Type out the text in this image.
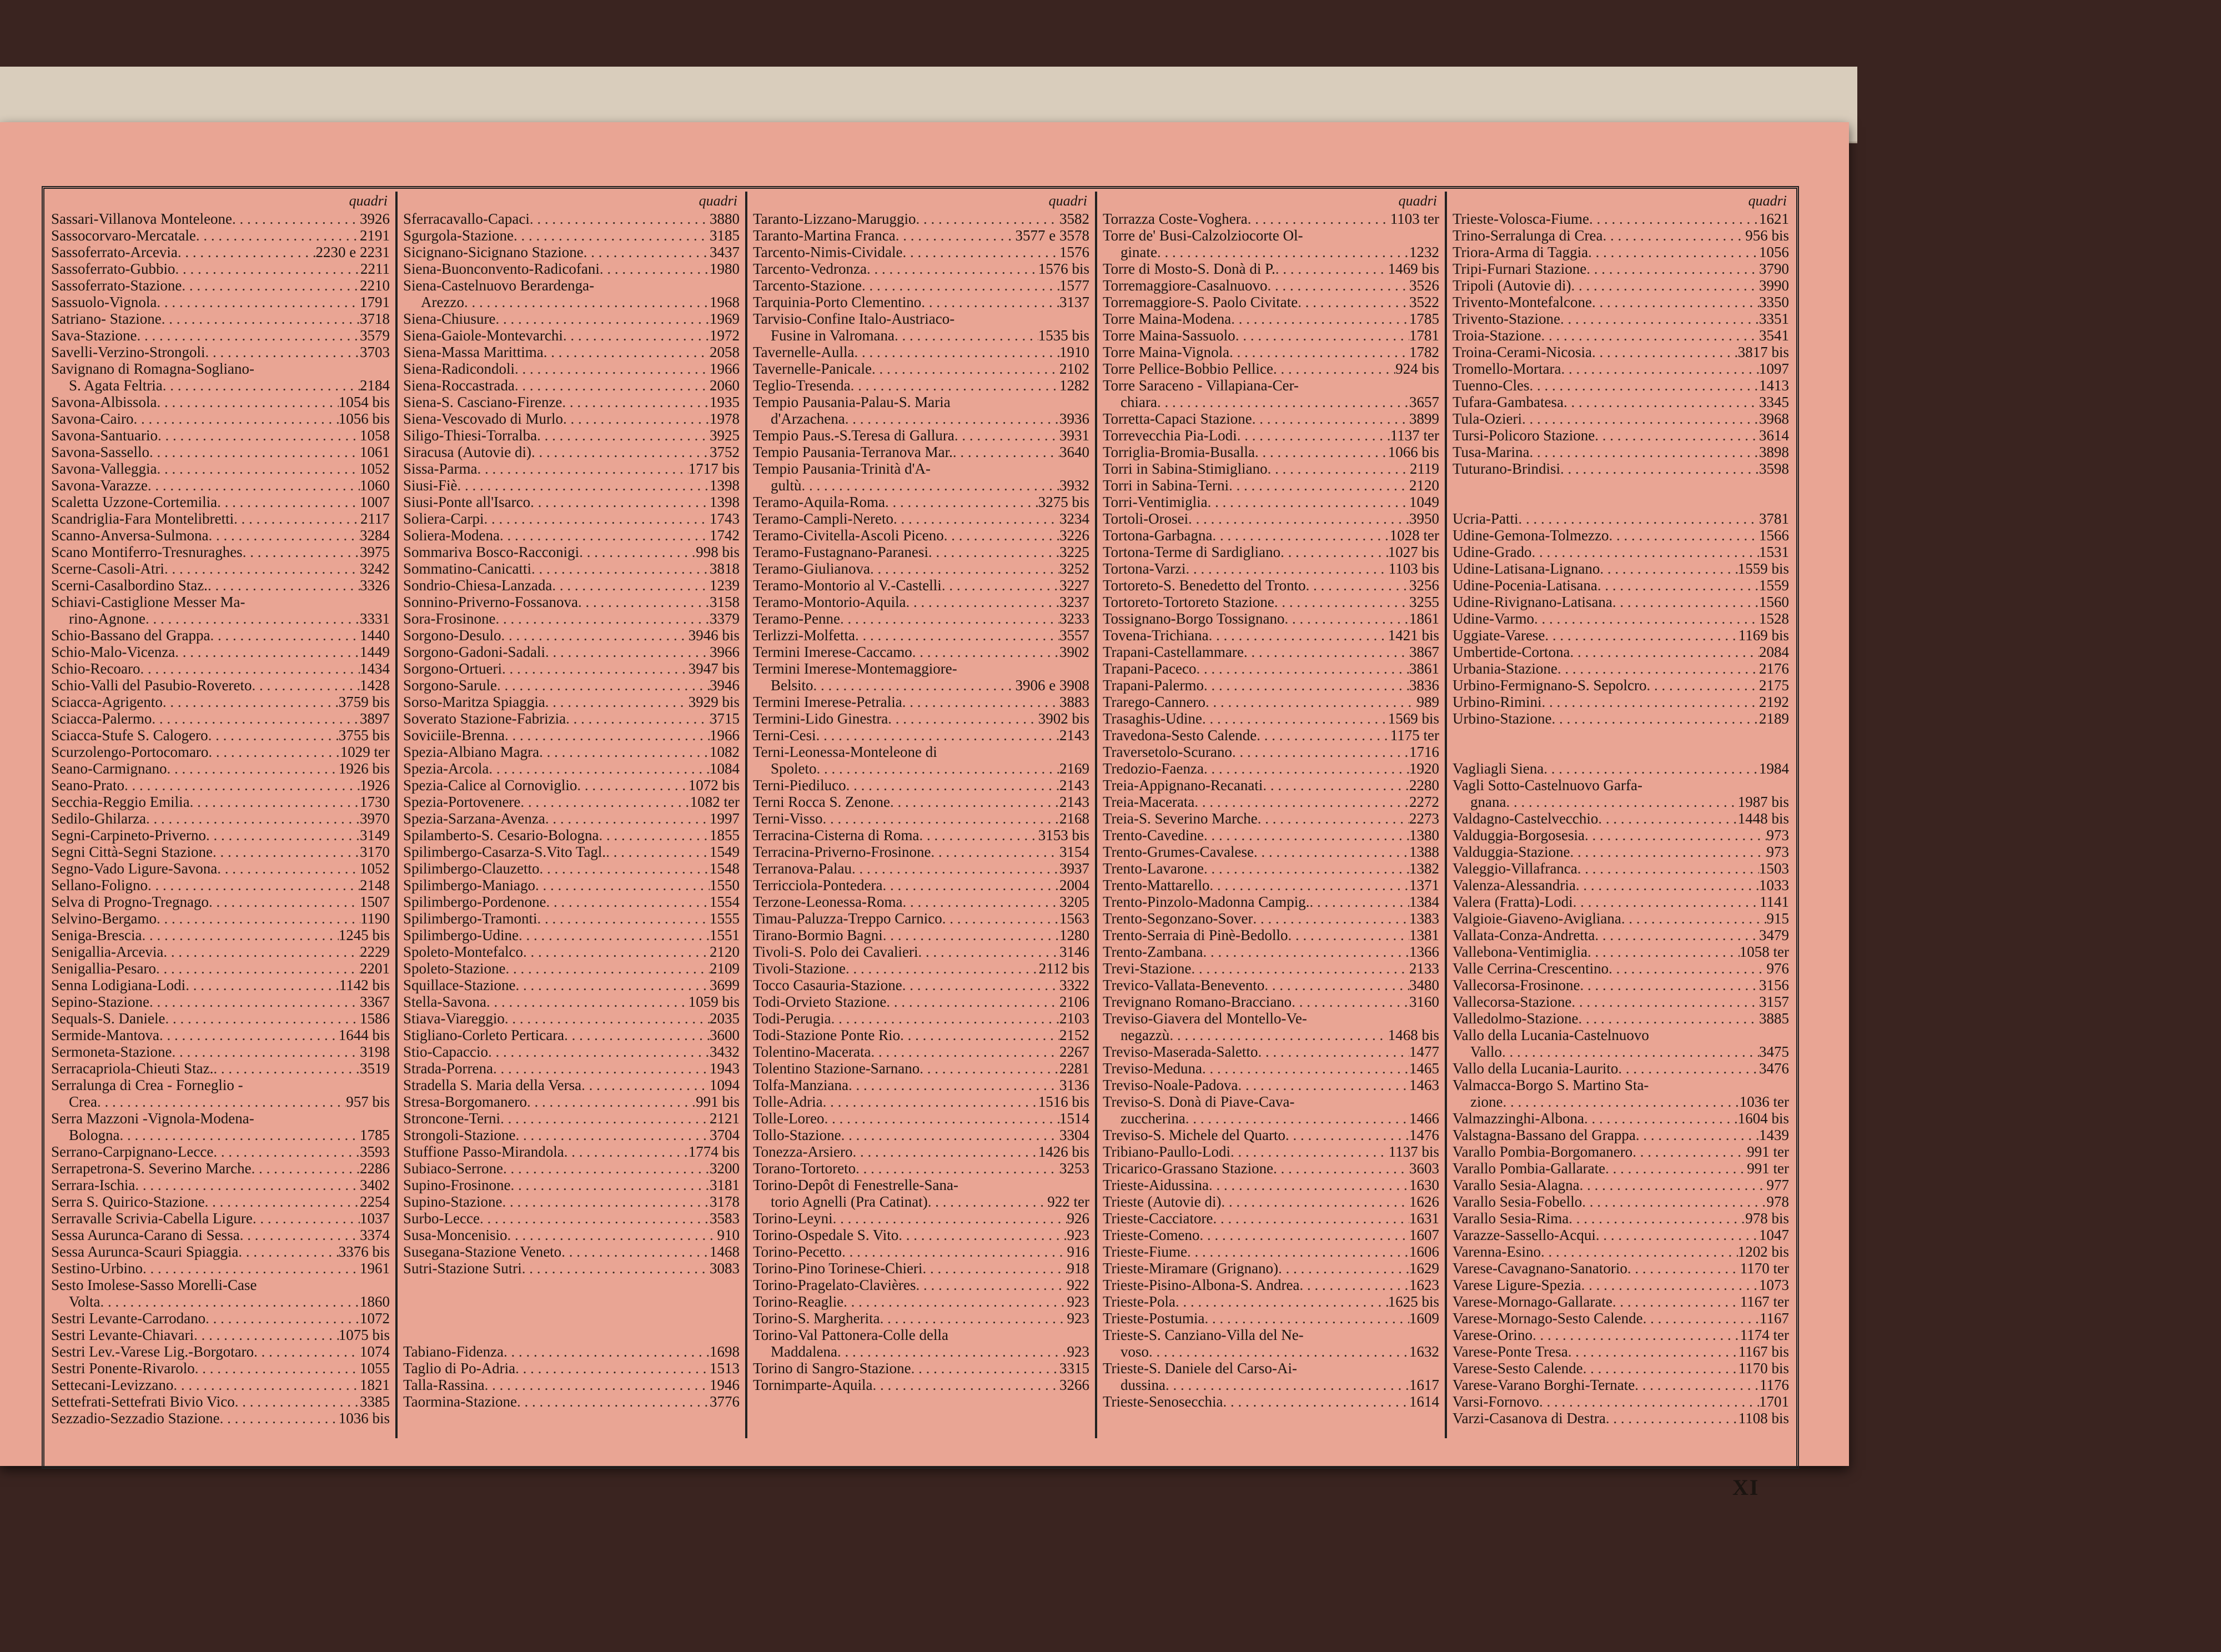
quadri
Sassari-Villanova Monteleone . . .	3926
Sassocorvaro-Mercatale . . .	2191
Sassoferrato-Arcevia . . .	2230 e 2231
Sassoferrato-Gubbio . . .	2211
Sassoferrato-Stazione . . .	2210
Sassuolo-Vignola . . .	1791
Satriano- Stazione . . .	3718
Sava-Stazione . . .	3579
Savelli-Verzino-Strongoli . . .	3703
Savignano di Romagna-Sogliano-
S. Agata Feltria . . .	2184
Savona-Albissola . . .	1054 bis
Savona-Cairo . . .	1056 bis
Savona-Santuario . . .	1058
Savona-Sassello . . .	1061
Savona-Valleggia . . .	1052
Savona-Varazze . . .	1060
Scaletta Uzzone-Cortemilia . . .	1007
Scandriglia-Fara Montelibretti . . .	2117
Scanno-Anversa-Sulmona . . .	3284
Scano Montiferro-Tresnuraghes . . .	3975
Scerne-Casoli-Atri . . .	3242
Scerni-Casalbordino Staz. . . .	3326
Schiavi-Castiglione Messer Ma-
rino-Agnone . . .	3331
Schio-Bassano del Grappa . . .	1440
Schio-Malo-Vicenza . . .	1449
Schio-Recoaro . . .	1434
Schio-Valli del Pasubio-Rovereto . . .	1428
Sciacca-Agrigento . . .	3759 bis
Sciacca-Palermo . . .	3897
Sciacca-Stufe S. Calogero . . .	3755 bis
Scurzolengo-Portocomaro . . .	1029 ter
Seano-Carmignano . . .	1926 bis
Seano-Prato . . .	1926
Secchia-Reggio Emilia . . .	1730
Sedilo-Ghilarza . . .	3970
Segni-Carpineto-Priverno . . .	3149
Segni Città-Segni Stazione . . .	3170
Segno-Vado Ligure-Savona . . .	1052
Sellano-Foligno . . .	2148
Selva di Progno-Tregnago . . .	1507
Selvino-Bergamo . . .	1190
Seniga-Brescia . . .	1245 bis
Senigallia-Arcevia . . .	2229
Senigallia-Pesaro . . .	2201
Senna Lodigiana-Lodi . . .	1142 bis
Sepino-Stazione . . .	3367
Sequals-S. Daniele . . .	1586
Sermide-Mantova . . .	1644 bis
Sermoneta-Stazione . . .	3198
Serracapriola-Chieuti Staz. . . .	3519
Serralunga di Crea - Forneglio -
Crea . . .	957 bis
Serra Mazzoni -Vignola-Modena-
Bologna . . .	1785
Serrano-Carpignano-Lecce . . .	3593
Serrapetrona-S. Severino Marche . . .	2286
Serrara-Ischia . . .	3402
Serra S. Quirico-Stazione . . .	2254
Serravalle Scrivia-Cabella Ligure . . .	1037
Sessa Aurunca-Carano di Sessa . . .	3374
Sessa Aurunca-Scauri Spiaggia . . .	3376 bis
Sestino-Urbino . . .	1961
Sesto Imolese-Sasso Morelli-Case
Volta . . .	1860
Sestri Levante-Carrodano . . .	1072
Sestri Levante-Chiavari . . .	1075 bis
Sestri Lev.-Varese Lig.-Borgotaro . . .	1074
Sestri Ponente-Rivarolo . . .	1055
Settecani-Levizzano . . .	1821
Settefrati-Settefrati Bivio Vico . . .	3385
Sezzadio-Sezzadio Stazione . . .	1036 bis
quadri
Sferracavallo-Capaci . . .	3880
Sgurgola-Stazione . . .	3185
Sicignano-Sicignano Stazione . . .	3437
Siena-Buonconvento-Radicofani . . .	1980
Siena-Castelnuovo Berardenga-
Arezzo . . .	1968
Siena-Chiusure . . .	1969
Siena-Gaiole-Montevarchi . . .	1972
Siena-Massa Marittima . . .	2058
Siena-Radicondoli . . .	1966
Siena-Roccastrada . . .	2060
Siena-S. Casciano-Firenze . . .	1935
Siena-Vescovado di Murlo . . .	1978
Siligo-Thiesi-Torralba . . .	3925
Siracusa (Autovie di) . . .	3752
Sissa-Parma . . .	1717 bis
Siusi-Fiè . . .	1398
Siusi-Ponte all'Isarco . . .	1398
Soliera-Carpi . . .	1743
Soliera-Modena . . .	1742
Sommariva Bosco-Racconigi . . .	998 bis
Sommatino-Canicatti . . .	3818
Sondrio-Chiesa-Lanzada . . .	1239
Sonnino-Priverno-Fossanova . . .	3158
Sora-Frosinone . . .	3379
Sorgono-Desulo . . .	3946 bis
Sorgono-Gadoni-Sadali . . .	3966
Sorgono-Ortueri . . .	3947 bis
Sorgono-Sarule . . .	3946
Sorso-Maritza Spiaggia . . .	3929 bis
Soverato Stazione-Fabrizia . . .	3715
Soviciile-Brenna . . .	1966
Spezia-Albiano Magra . . .	1082
Spezia-Arcola . . .	1084
Spezia-Calice al Cornoviglio . . .	1072 bis
Spezia-Portovenere . . .	1082 ter
Spezia-Sarzana-Avenza . . .	1997
Spilamberto-S. Cesario-Bologna . . .	1855
Spilimbergo-Casarza-S.Vito Tagl. . . .	1549
Spilimbergo-Clauzetto . . .	1548
Spilimbergo-Maniago . . .	1550
Spilimbergo-Pordenone . . .	1554
Spilimbergo-Tramonti . . .	1555
Spilimbergo-Udine . . .	1551
Spoleto-Montefalco . . .	2120
Spoleto-Stazione . . .	2109
Squillace-Stazione . . .	3699
Stella-Savona . . .	1059 bis
Stiava-Viareggio . . .	2035
Stigliano-Corleto Perticara . . .	3600
Stio-Capaccio . . .	3432
Strada-Porrena . . .	1943
Stradella S. Maria della Versa . . .	1094
Stresa-Borgomanero . . .	991 bis
Stroncone-Terni . . .	2121
Strongoli-Stazione . . .	3704
Stuffione Passo-Mirandola . . .	1774 bis
Subiaco-Serrone . . .	3200
Supino-Frosinone . . .	3181
Supino-Stazione . . .	3178
Surbo-Lecce . . .	3583
Susa-Moncenisio . . .	910
Susegana-Stazione Veneto . . .	1468
Sutri-Stazione Sutri . . .	3083
Tabiano-Fidenza . . .	1698
Taglio di Po-Adria . . .	1513
Talla-Rassina . . .	1946
Taormina-Stazione . . .	3776
quadri
Taranto-Lizzano-Maruggio . . .	3582
Taranto-Martina Franca . . .	3577 e 3578
Tarcento-Nimis-Cividale . . .	1576
Tarcento-Vedronza . . .	1576 bis
Tarcento-Stazione . . .	1577
Tarquinia-Porto Clementino . . .	3137
Tarvisio-Confine Italo-Austriaco-
Fusine in Valromana . . .	1535 bis
Tavernelle-Aulla . . .	1910
Tavernelle-Panicale . . .	2102
Teglio-Tresenda . . .	1282
Tempio Pausania-Palau-S. Maria
d'Arzachena . . .	3936
Tempio Paus.-S.Teresa di Gallura . . .	3931
Tempio Pausania-Terranova Mar. . . .	3640
Tempio Pausania-Trinità d'A-
gultù . . .	3932
Teramo-Aquila-Roma . . .	3275 bis
Teramo-Campli-Nereto . . .	3234
Teramo-Civitella-Ascoli Piceno . . .	3226
Teramo-Fustagnano-Paranesi . . .	3225
Teramo-Giulianova . . .	3252
Teramo-Montorio al V.-Castelli . . .	3227
Teramo-Montorio-Aquila . . .	3237
Teramo-Penne . . .	3233
Terlizzi-Molfetta . . .	3557
Termini Imerese-Caccamo . . .	3902
Termini Imerese-Montemaggiore-
Belsito . . .	3906 e 3908
Termini Imerese-Petralia . . .	3883
Termini-Lido Ginestra . . .	3902 bis
Terni-Cesi . . .	2143
Terni-Leonessa-Monteleone di
Spoleto . . .	2169
Terni-Piediluco . . .	2143
Terni Rocca S. Zenone . . .	2143
Terni-Visso . . .	2168
Terracina-Cisterna di Roma . . .	3153 bis
Terracina-Priverno-Frosinone . . .	3154
Terranova-Palau . . .	3937
Terricciola-Pontedera . . .	2004
Terzone-Leonessa-Roma . . .	3205
Timau-Paluzza-Treppo Carnico . . .	1563
Tirano-Bormio Bagni . . .	1280
Tivoli-S. Polo dei Cavalieri . . .	3146
Tivoli-Stazione . . .	2112 bis
Tocco Casauria-Stazione . . .	3322
Todi-Orvieto Stazione . . .	2106
Todi-Perugia . . .	2103
Todi-Stazione Ponte Rio . . .	2152
Tolentino-Macerata . . .	2267
Tolentino Stazione-Sarnano . . .	2281
Tolfa-Manziana . . .	3136
Tolle-Adria . . .	1516 bis
Tolle-Loreo . . .	1514
Tollo-Stazione . . .	3304
Tonezza-Arsiero . . .	1426 bis
Torano-Tortoreto . . .	3253
Torino-Depôt di Fenestrelle-Sana-
torio Agnelli (Pra Catinat) . . .	922 ter
Torino-Leyni . . .	926
Torino-Ospedale S. Vito . . .	923
Torino-Pecetto . . .	916
Torino-Pino Torinese-Chieri . . .	918
Torino-Pragelato-Clavières . . .	922
Torino-Reaglie . . .	923
Torino-S. Margherita . . .	923
Torino-Val Pattonera-Colle della
Maddalena . . .	923
Torino di Sangro-Stazione . . .	3315
Tornimparte-Aquila . . .	3266
quadri
Torrazza Coste-Voghera . . .	1103 ter
Torre de' Busi-Calzolziocorte Ol-
ginate . . .	1232
Torre di Mosto-S. Donà di P. . . .	1469 bis
Torremaggiore-Casalnuovo . . .	3526
Torremaggiore-S. Paolo Civitate . . .	3522
Torre Maina-Modena . . .	1785
Torre Maina-Sassuolo . . .	1781
Torre Maina-Vignola . . .	1782
Torre Pellice-Bobbio Pellice . . .	924 bis
Torre Saraceno - Villapiana-Cer-
chiara . . .	3657
Torretta-Capaci Stazione . . .	3899
Torrevecchia Pia-Lodi . . .	1137 ter
Torriglia-Bromia-Busalla . . .	1066 bis
Torri in Sabina-Stimigliano . . .	2119
Torri in Sabina-Terni . . .	2120
Torri-Ventimiglia . . .	1049
Tortoli-Orosei . . .	3950
Tortona-Garbagna . . .	1028 ter
Tortona-Terme di Sardigliano . . .	1027 bis
Tortona-Varzi . . .	1103 bis
Tortoreto-S. Benedetto del Tronto . . .	3256
Tortoreto-Tortoreto Stazione . . .	3255
Tossignano-Borgo Tossignano . . .	1861
Tovena-Trichiana . . .	1421 bis
Trapani-Castellammare . . .	3867
Trapani-Paceco . . .	3861
Trapani-Palermo . . .	3836
Trarego-Cannero . . .	989
Trasaghis-Udine . . .	1569 bis
Travedona-Sesto Calende . . .	1175 ter
Traversetolo-Scurano . . .	1716
Tredozio-Faenza . . .	1920
Treia-Appignano-Recanati . . .	2280
Treia-Macerata . . .	2272
Treia-S. Severino Marche . . .	2273
Trento-Cavedine . . .	1380
Trento-Grumes-Cavalese . . .	1388
Trento-Lavarone . . .	1382
Trento-Mattarello . . .	1371
Trento-Pinzolo-Madonna Campig. . . .	1384
Trento-Segonzano-Sover . . .	1383
Trento-Serraia di Pinè-Bedollo . . .	1381
Trento-Zambana . . .	1366
Trevi-Stazione . . .	2133
Trevico-Vallata-Benevento . . .	3480
Trevignano Romano-Bracciano . . .	3160
Treviso-Giavera del Montello-Ve-
negazzù . . .	1468 bis
Treviso-Maserada-Saletto . . .	1477
Treviso-Meduna . . .	1465
Treviso-Noale-Padova . . .	1463
Treviso-S. Donà di Piave-Cava-
zuccherina . . .	1466
Treviso-S. Michele del Quarto . . .	1476
Tribiano-Paullo-Lodi . . .	1137 bis
Tricarico-Grassano Stazione . . .	3603
Trieste-Aidussina . . .	1630
Trieste (Autovie di) . . .	1626
Trieste-Cacciatore . . .	1631
Trieste-Comeno . . .	1607
Trieste-Fiume . . .	1606
Trieste-Miramare (Grignano) . . .	1629
Trieste-Pisino-Albona-S. Andrea . . .	1623
Trieste-Pola . . .	1625 bis
Trieste-Postumia . . .	1609
Trieste-S. Canziano-Villa del Ne-
voso . . .	1632
Trieste-S. Daniele del Carso-Ai-
dussina . . .	1617
Trieste-Senosecchia . . .	1614
quadri
Trieste-Volosca-Fiume . . .	1621
Trino-Serralunga di Crea . . .	956 bis
Triora-Arma di Taggia . . .	1056
Tripi-Furnari Stazione . . .	3790
Tripoli (Autovie di) . . .	3990
Trivento-Montefalcone . . .	3350
Trivento-Stazione . . .	3351
Troia-Stazione . . .	3541
Troina-Cerami-Nicosia . . .	3817 bis
Tromello-Mortara . . .	1097
Tuenno-Cles . . .	1413
Tufara-Gambatesa . . .	3345
Tula-Ozieri . . .	3968
Tursi-Policoro Stazione . . .	3614
Tusa-Marina . . .	3898
Tuturano-Brindisi . . .	3598
Ucria-Patti . . .	3781
Udine-Gemona-Tolmezzo . . .	1566
Udine-Grado . . .	1531
Udine-Latisana-Lignano . . .	1559 bis
Udine-Pocenia-Latisana . . .	1559
Udine-Rivignano-Latisana . . .	1560
Udine-Varmo . . .	1528
Uggiate-Varese . . .	1169 bis
Umbertide-Cortona . . .	2084
Urbania-Stazione . . .	2176
Urbino-Fermignano-S. Sepolcro . . .	2175
Urbino-Rimini . . .	2192
Urbino-Stazione . . .	2189
Vagliagli Siena . . .	1984
Vagli Sotto-Castelnuovo Garfa-
gnana . . .	1987 bis
Valdagno-Castelvecchio . . .	1448 bis
Valduggia-Borgosesia . . .	973
Valduggia-Stazione . . .	973
Valeggio-Villafranca . . .	1503
Valenza-Alessandria . . .	1033
Valera (Fratta)-Lodi . . .	1141
Valgioie-Giaveno-Avigliana . . .	915
Vallata-Conza-Andretta . . .	3479
Vallebona-Ventimiglia . . .	1058 ter
Valle Cerrina-Crescentino . . .	976
Vallecorsa-Frosinone . . .	3156
Vallecorsa-Stazione . . .	3157
Valledolmo-Stazione . . .	3885
Vallo della Lucania-Castelnuovo
Vallo . . .	3475
Vallo della Lucania-Laurito . . .	3476
Valmacca-Borgo S. Martino Sta-
zione . . .	1036 ter
Valmazzinghi-Albona . . .	1604 bis
Valstagna-Bassano del Grappa . . .	1439
Varallo Pombia-Borgomanero . . .	991 ter
Varallo Pombia-Gallarate . . .	991 ter
Varallo Sesia-Alagna . . .	977
Varallo Sesia-Fobello . . .	978
Varallo Sesia-Rima . . .	978 bis
Varazze-Sassello-Acqui . . .	1047
Varenna-Esino . . .	1202 bis
Varese-Cavagnano-Sanatorio . . .	1170 ter
Varese Ligure-Spezia . . .	1073
Varese-Mornago-Gallarate . . .	1167 ter
Varese-Mornago-Sesto Calende . . .	1167
Varese-Orino . . .	1174 ter
Varese-Ponte Tresa . . .	1167 bis
Varese-Sesto Calende . . .	1170 bis
Varese-Varano Borghi-Ternate . . .	1176
Varsi-Fornovo . . .	1701
Varzi-Casanova di Destra . . .	1108 bis
XI
